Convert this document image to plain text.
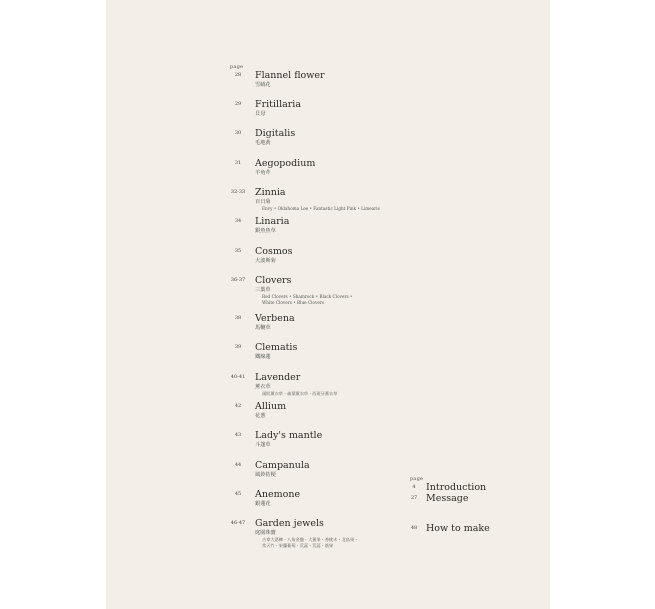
page
28	Flannel flower
雪絨花
29	Fritillaria
貝母
30	Digitalis
毛地黃
31	Aegopodium
羊角芹
32-33 Zinnia
百日菊
Envy • Oklahoma Lee • Fantastic Light Pink • Limearis
34	Linaria
銀魚魚草
35	Cosmos
大波斯菊
36-37 Clovers
三葉草
Red Clovers • Shamrock • Black Clovers •
White Clovers • Blue Clovers
38	Verbena
馬鞭草
39	Clematis
鐵線蓮
40-41 Lavender
薰衣草
頭狀薰衣草・齒葉薰衣草・西班牙薰衣草
42	Allium
花葱
43	Lady's mantle
斗篷草
44	Campanula
風鈴桔梗
45	Anemone
銀蓮花
46-47 Garden jewels
庭園珠寶
古拿大葛樺・八角金盤・大蔥果・香桃木・北鳥果・
常天竹・果蘭葡萄・荒蕊・荒蕊・筋果
page
4	Introduction
27 Message
48 How to make
